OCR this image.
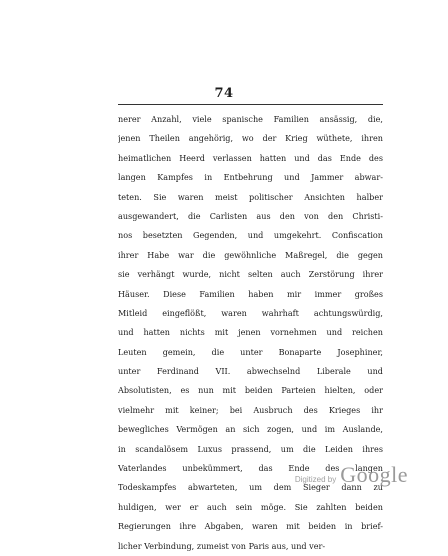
74
nerer Anzahl, viele spanische Familien ansässig, die,
jenen Theilen angehörig, wo der Krieg wüthete, ihren
heimatlichen Heerd verlassen hatten und das Ende des
langen Kampfes in Entbehrung und Jammer abwar-
teten. Sie waren meist politischer Ansichten halber
ausgewandert, die Carlisten aus den von den Christi-
nos besetzten Gegenden, und umgekehrt. Confiscation
ihrer Habe war die gewöhnliche Maßregel, die gegen
sie verhängt wurde, nicht selten auch Zerstörung ihrer
Häuser. Diese Familien haben mir immer großes
Mitleid eingeflößt, waren wahrhaft achtungswürdig,
und hatten nichts mit jenen vornehmen und reichen
Leuten gemein, die unter Bonaparte Josephiner,
unter Ferdinand VII. abwechselnd Liberale und
Absolutisten, es nun mit beiden Parteien hielten, oder
vielmehr mit keiner; bei Ausbruch des Krieges ihr
bewegliches Vermögen an sich zogen, und im Auslande,
in scandalösem Luxus prassend, um die Leiden ihres
Vaterlandes unbekümmert, das Ende des langen
Todeskampfes abwarteten, um dem Sieger dann zu
huldigen, wer er auch sein möge. Sie zahlten beiden
Regierungen ihre Abgaben, waren mit beiden in brief-
licher Verbindung, zumeist von Paris aus, und ver-
Digitized by Google
